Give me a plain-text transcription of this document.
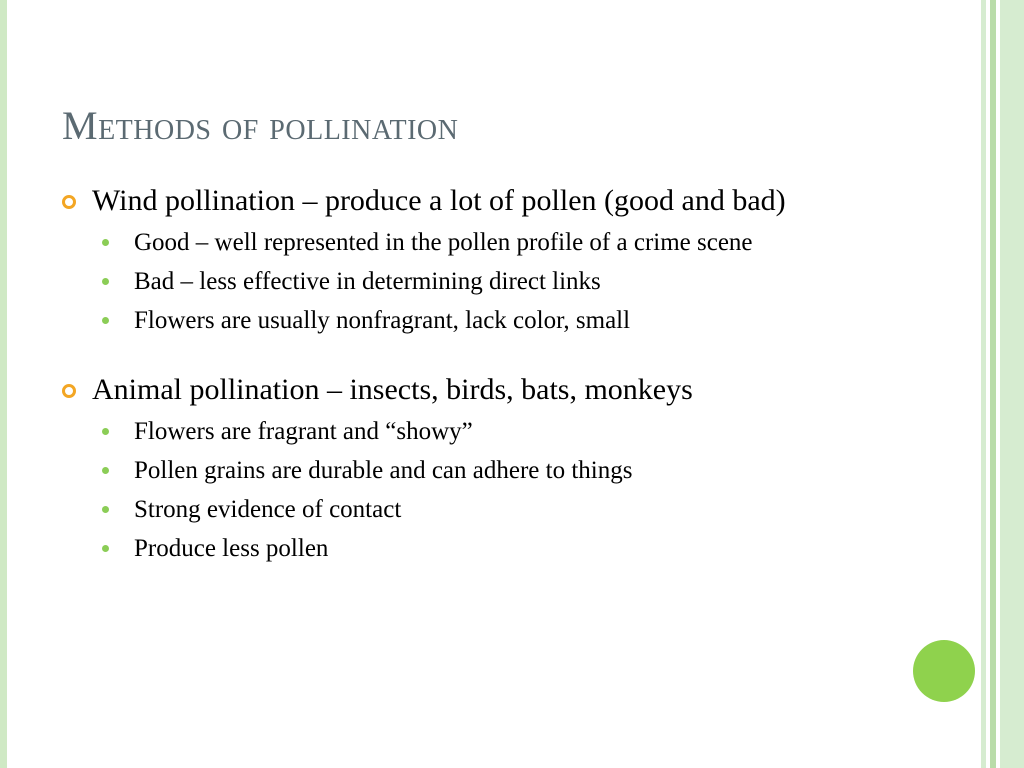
Methods of pollination
Wind pollination – produce a lot of pollen (good and bad)
Good – well represented in the pollen profile of a crime scene
Bad – less effective in determining direct links
Flowers are usually nonfragrant, lack color, small
Animal pollination – insects, birds, bats, monkeys
Flowers are fragrant and “showy”
Pollen grains are durable and can adhere to things
Strong evidence of contact
Produce less pollen
